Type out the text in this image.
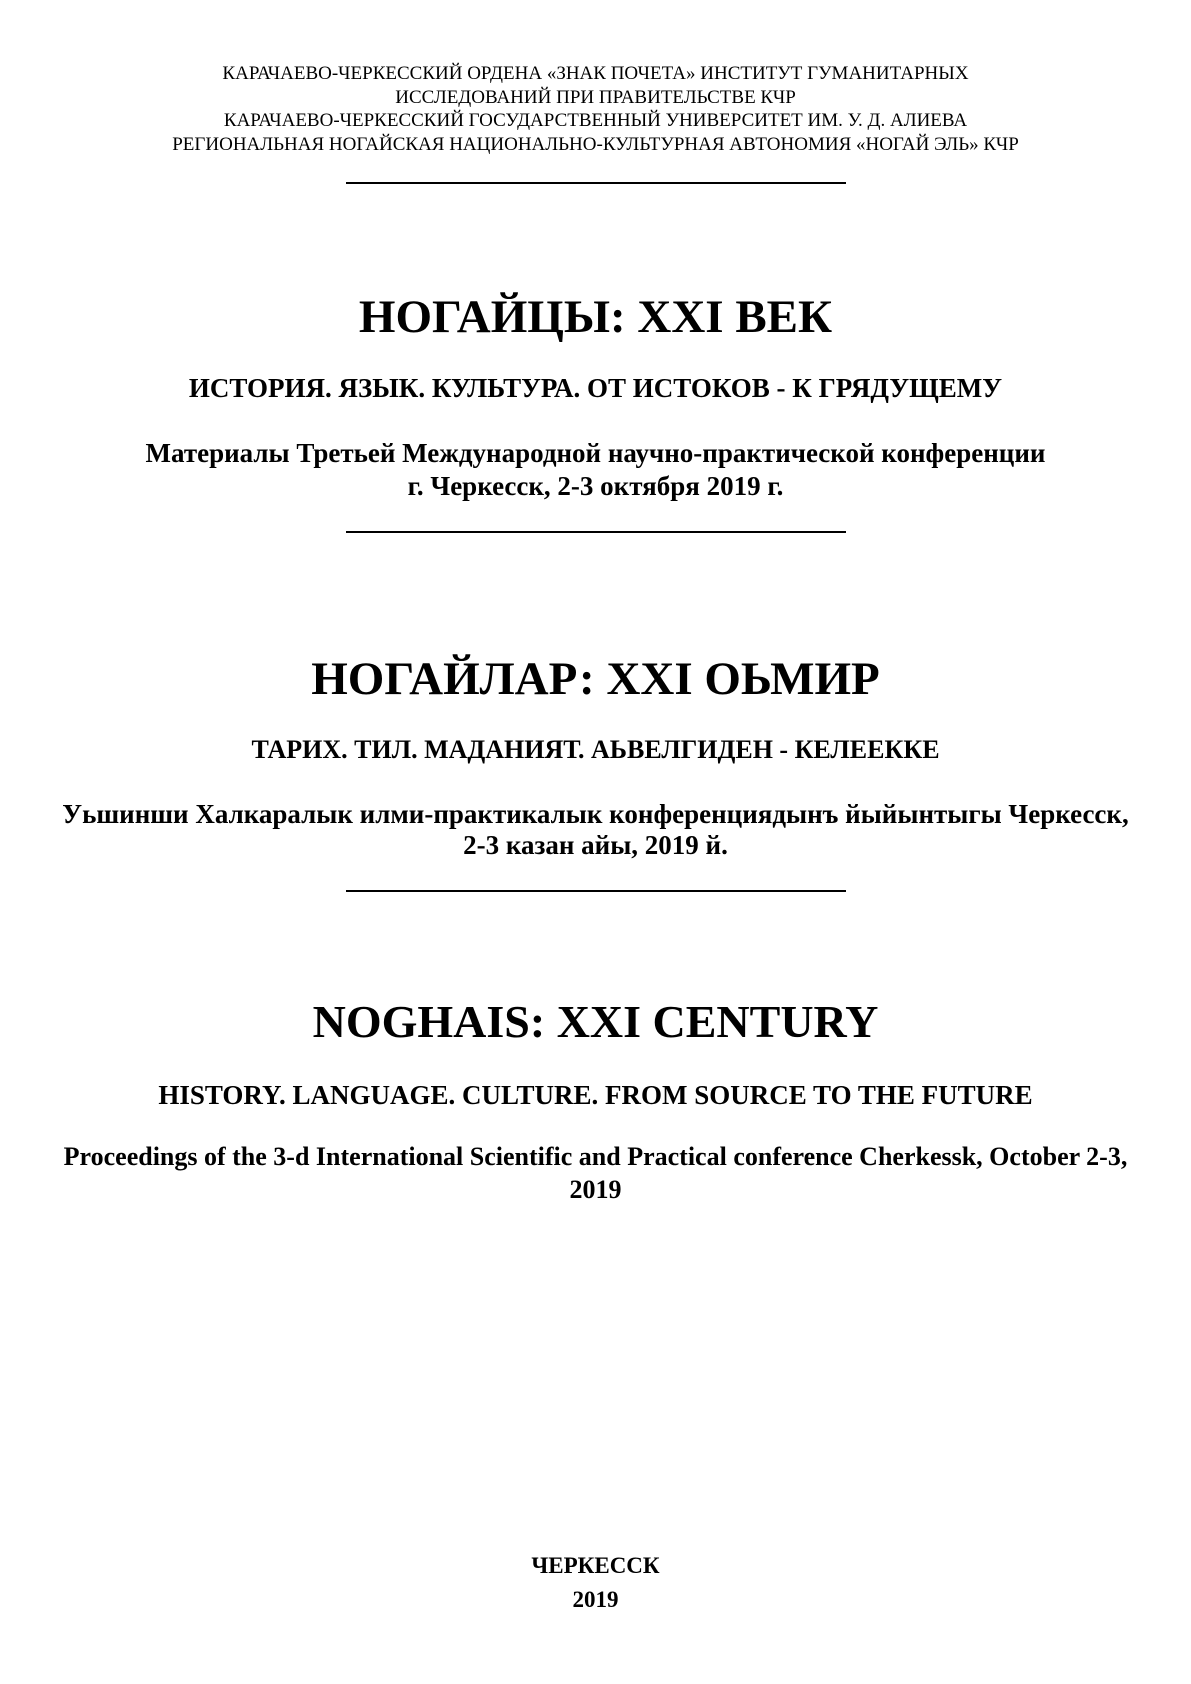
КАРАЧАЕВО-ЧЕРКЕССКИЙ ОРДЕНА «ЗНАК ПОЧЕТА» ИНСТИТУТ ГУМАНИТАРНЫХ
ИССЛЕДОВАНИЙ ПРИ ПРАВИТЕЛЬСТВЕ КЧР
КАРАЧАЕВО-ЧЕРКЕССКИЙ ГОСУДАРСТВЕННЫЙ УНИВЕРСИТЕТ ИМ. У. Д. АЛИЕВА
РЕГИОНАЛЬНАЯ НОГАЙСКАЯ НАЦИОНАЛЬНО-КУЛЬТУРНАЯ АВТОНОМИЯ «НОГАЙ ЭЛЬ» КЧР
НОГАЙЦЫ: XXI ВЕК
ИСТОРИЯ. ЯЗЫК. КУЛЬТУРА. ОТ ИСТОКОВ - К ГРЯДУЩЕМУ
Материалы Третьей Международной научно-практической конференции
г. Черкесск, 2-3 октября 2019 г.
НОГАЙЛАР: XXI ОЬМИР
ТАРИХ. ТИЛ. МАДАНИЯТ. АЬВЕЛГИДЕН - КЕЛЕЕККЕ
Уьшинши Халкаралык илми-практикалык конференциядынъ йыйынтыгы Черкесск,
2-3 казан айы, 2019 й.
NOGHAIS: XXI CENTURY
HISTORY. LANGUAGE. CULTURE. FROM SOURCE TO THE FUTURE
Proceedings of the 3-d International Scientific and Practical conference Cherkessk, October 2-3,
2019
ЧЕРКЕССК
2019
